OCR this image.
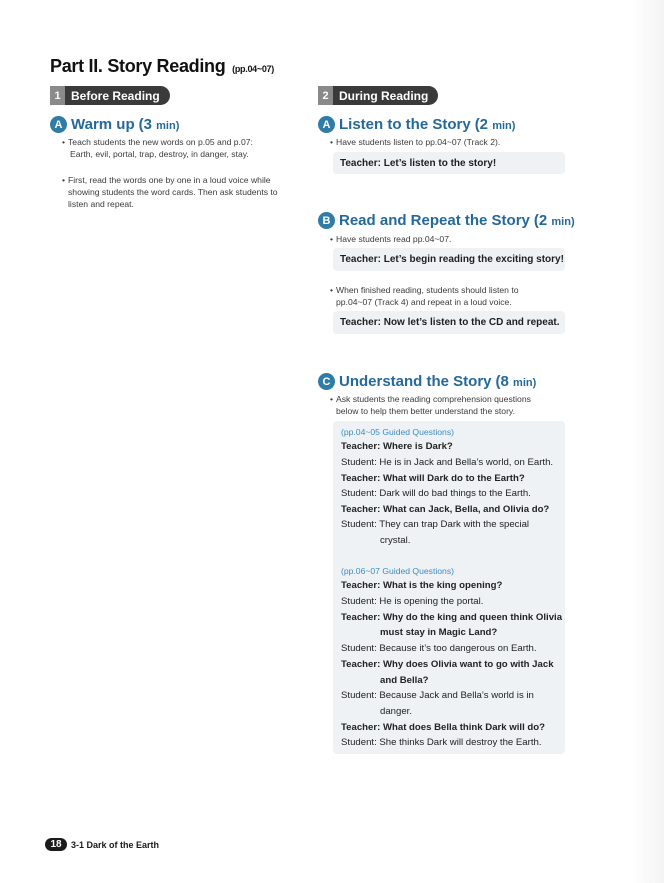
Part II. Story Reading (pp.04~07)
1 Before Reading
A Warm up (3 min)
• Teach students the new words on p.05 and p.07:
Earth, evil, portal, trap, destroy, in danger, stay.
• First, read the words one by one in a loud voice while
showing students the word cards. Then ask students to
listen and repeat.
2 During Reading
A Listen to the Story (2 min)
• Have students listen to pp.04~07 (Track 2).
Teacher: Let’s listen to the story!
B Read and Repeat the Story (2 min)
• Have students read pp.04~07.
Teacher: Let’s begin reading the exciting story!
• When finished reading, students should listen to
pp.04~07 (Track 4) and repeat in a loud voice.
Teacher: Now let’s listen to the CD and repeat.
C Understand the Story (8 min)
• Ask students the reading comprehension questions
below to help them better understand the story.
(pp.04~05 Guided Questions)
Teacher: Where is Dark?
Student: He is in Jack and Bella’s world, on Earth.
Teacher: What will Dark do to the Earth?
Student: Dark will do bad things to the Earth.
Teacher: What can Jack, Bella, and Olivia do?
Student: They can trap Dark with the special
crystal.
(pp.06~07 Guided Questions)
Teacher: What is the king opening?
Student: He is opening the portal.
Teacher: Why do the king and queen think Olivia
must stay in Magic Land?
Student: Because it’s too dangerous on Earth.
Teacher: Why does Olivia want to go with Jack
and Bella?
Student: Because Jack and Bella’s world is in
danger.
Teacher: What does Bella think Dark will do?
Student: She thinks Dark will destroy the Earth.
18	3-1 Dark of the Earth
